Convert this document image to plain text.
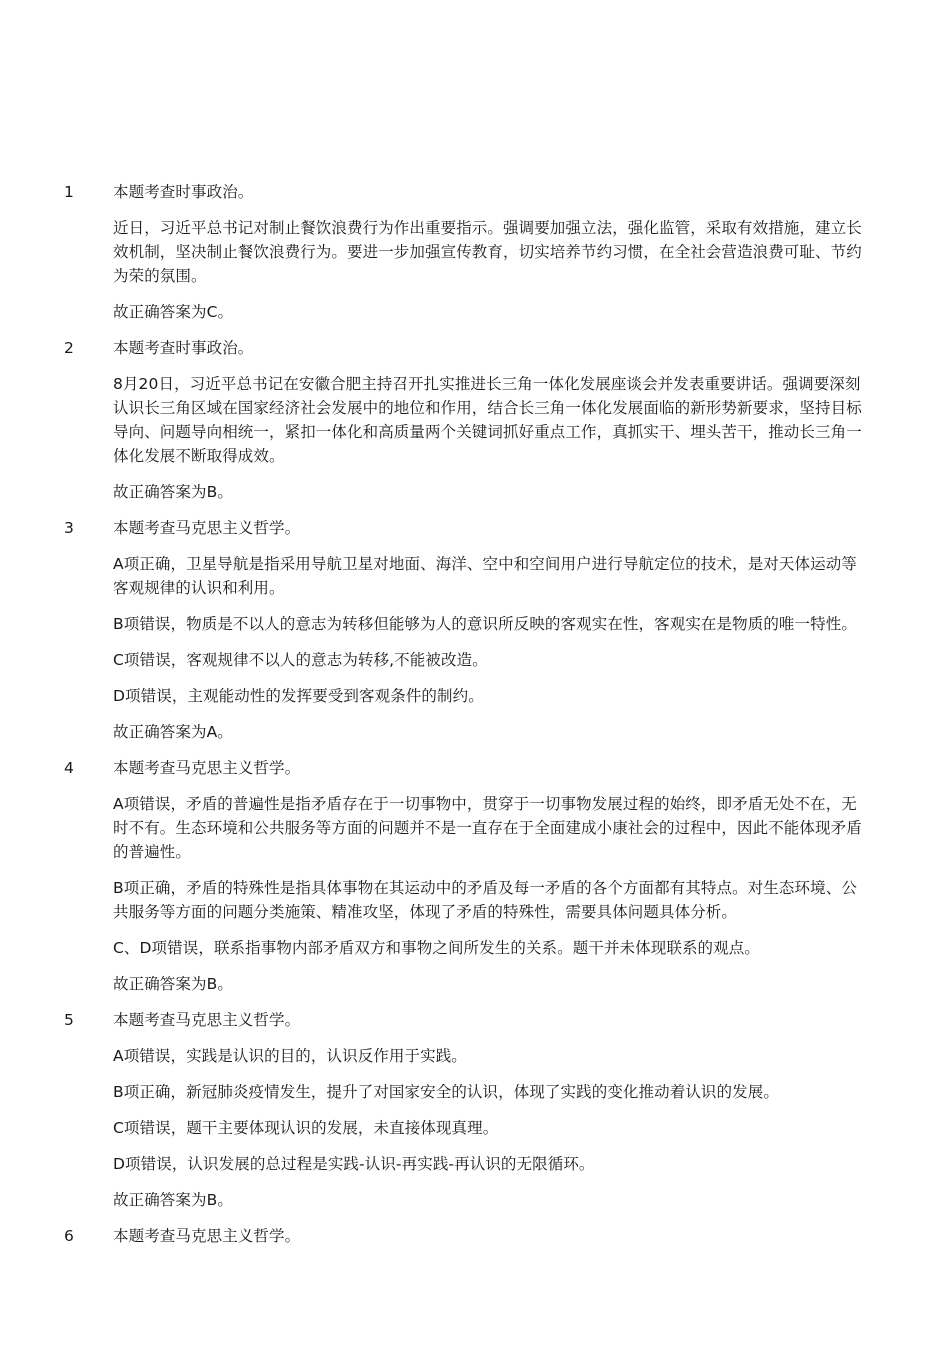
1	本题考查时事政治。

近日，习近平总书记对制止餐饮浪费行为作出重要指示。强调要加强立法，强化监管，采取有效措施，建立长效机制，坚决制止餐饮浪费行为。要进一步加强宣传教育，切实培养节约习惯，在全社会营造浪费可耻、节约为荣的氛围。

故正确答案为C。

2	本题考查时事政治。

8月20日，习近平总书记在安徽合肥主持召开扎实推进长三角一体化发展座谈会并发表重要讲话。强调要深刻认识长三角区域在国家经济社会发展中的地位和作用，结合长三角一体化发展面临的新形势新要求，坚持目标导向、问题导向相统一，紧扣一体化和高质量两个关键词抓好重点工作，真抓实干、埋头苦干，推动长三角一体化发展不断取得成效。

故正确答案为B。

3	本题考查马克思主义哲学。

A项正确，卫星导航是指采用导航卫星对地面、海洋、空中和空间用户进行导航定位的技术，是对天体运动等客观规律的认识和利用。

B项错误，物质是不以人的意志为转移但能够为人的意识所反映的客观实在性，客观实在是物质的唯一特性。

C项错误，客观规律不以人的意志为转移,不能被改造。

D项错误，主观能动性的发挥要受到客观条件的制约。

故正确答案为A。

4	本题考查马克思主义哲学。

A项错误，矛盾的普遍性是指矛盾存在于一切事物中，贯穿于一切事物发展过程的始终，即矛盾无处不在，无时不有。生态环境和公共服务等方面的问题并不是一直存在于全面建成小康社会的过程中，因此不能体现矛盾的普遍性。

B项正确，矛盾的特殊性是指具体事物在其运动中的矛盾及每一矛盾的各个方面都有其特点。对生态环境、公共服务等方面的问题分类施策、精准攻坚，体现了矛盾的特殊性，需要具体问题具体分析。

C、D项错误，联系指事物内部矛盾双方和事物之间所发生的关系。题干并未体现联系的观点。

故正确答案为B。

5	本题考查马克思主义哲学。

A项错误，实践是认识的目的，认识反作用于实践。

B项正确，新冠肺炎疫情发生，提升了对国家安全的认识，体现了实践的变化推动着认识的发展。

C项错误，题干主要体现认识的发展，未直接体现真理。

D项错误，认识发展的总过程是实践-认识-再实践-再认识的无限循环。

故正确答案为B。

6	本题考查马克思主义哲学。
